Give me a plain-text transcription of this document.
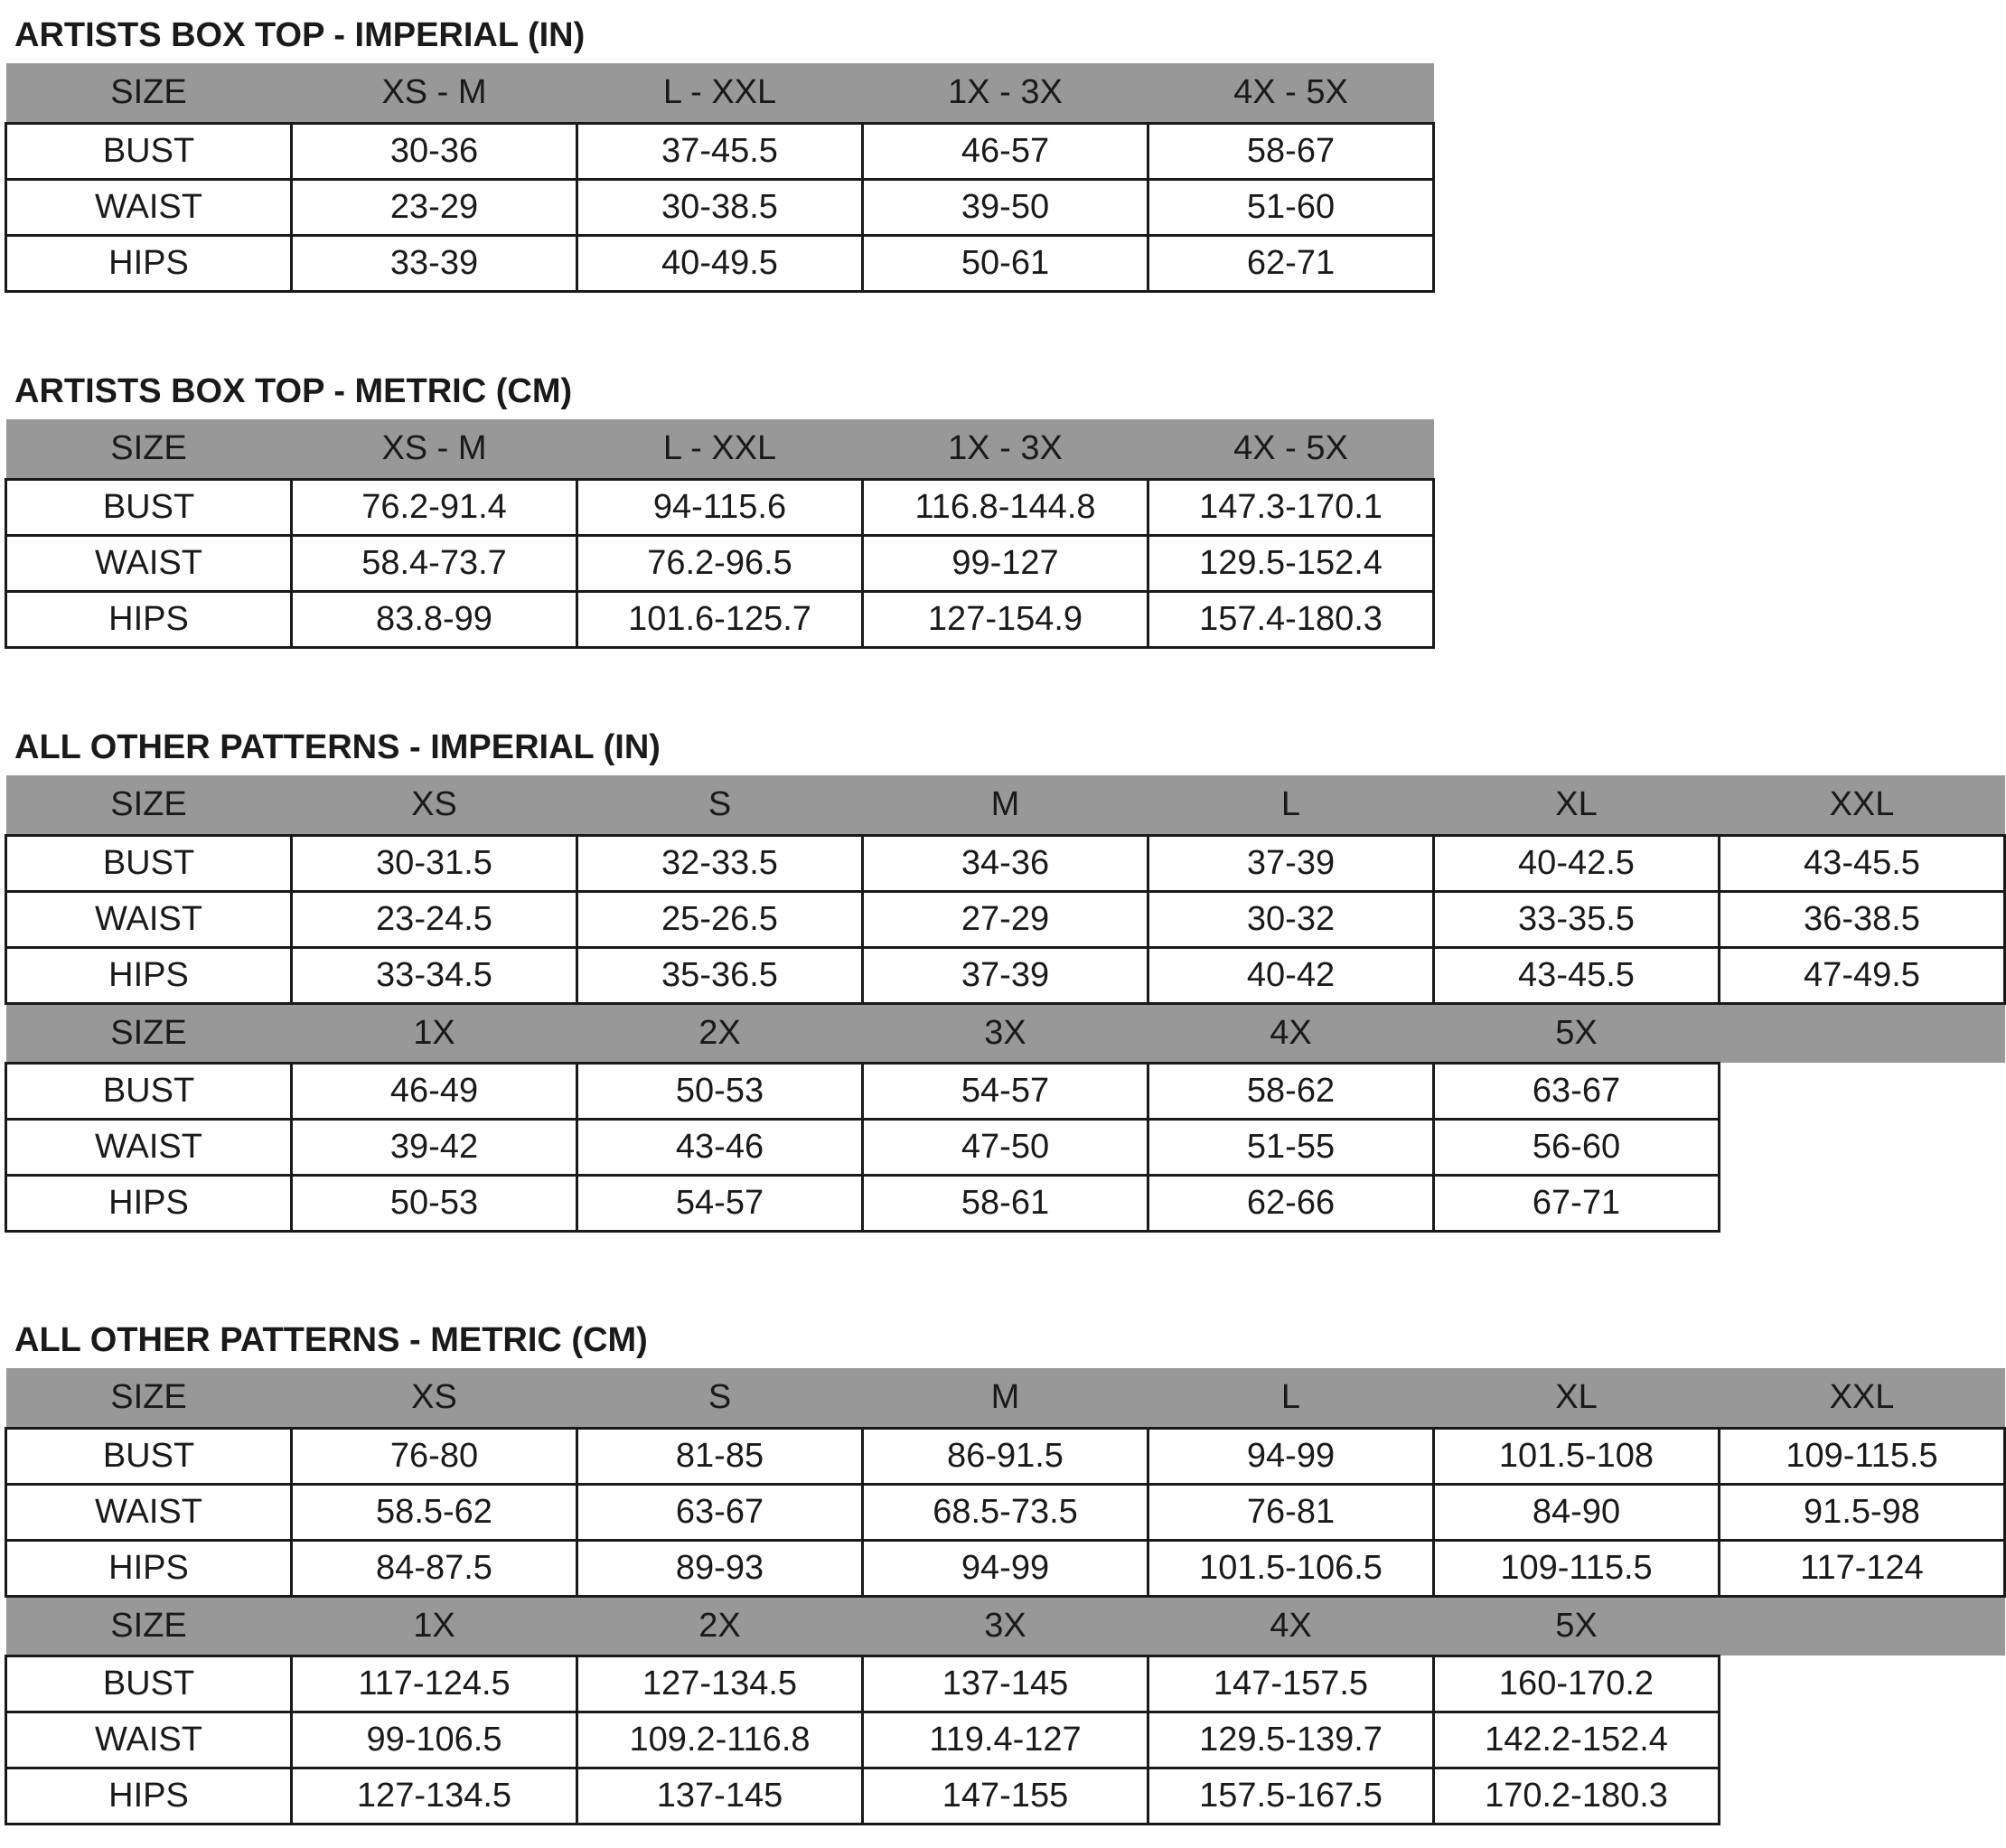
ARTISTS BOX TOP - IMPERIAL (IN)
SIZE	XS - M	L - XXL	1X - 3X	4X - 5X
BUST	30-36	37-45.5	46-57	58-67
WAIST	23-29	30-38.5	39-50	51-60
HIPS	33-39	40-49.5	50-61	62-71
ARTISTS BOX TOP - METRIC (CM)
SIZE	XS - M	L - XXL	1X - 3X	4X - 5X
BUST	76.2-91.4	94-115.6	116.8-144.8	147.3-170.1
WAIST	58.4-73.7	76.2-96.5	99-127	129.5-152.4
HIPS	83.8-99	101.6-125.7	127-154.9	157.4-180.3
ALL OTHER PATTERNS - IMPERIAL (IN)
SIZE	XS	S	M	L	XL	XXL
BUST	30-31.5	32-33.5	34-36	37-39	40-42.5	43-45.5
WAIST	23-24.5	25-26.5	27-29	30-32	33-35.5	36-38.5
HIPS	33-34.5	35-36.5	37-39	40-42	43-45.5	47-49.5
SIZE	1X	2X	3X	4X	5X	
BUST	46-49	50-53	54-57	58-62	63-67	
WAIST	39-42	43-46	47-50	51-55	56-60	
HIPS	50-53	54-57	58-61	62-66	67-71	
ALL OTHER PATTERNS - METRIC (CM)
SIZE	XS	S	M	L	XL	XXL
BUST	76-80	81-85	86-91.5	94-99	101.5-108	109-115.5
WAIST	58.5-62	63-67	68.5-73.5	76-81	84-90	91.5-98
HIPS	84-87.5	89-93	94-99	101.5-106.5	109-115.5	117-124
SIZE	1X	2X	3X	4X	5X	
BUST	117-124.5	127-134.5	137-145	147-157.5	160-170.2	
WAIST	99-106.5	109.2-116.8	119.4-127	129.5-139.7	142.2-152.4	
HIPS	127-134.5	137-145	147-155	157.5-167.5	170.2-180.3	
